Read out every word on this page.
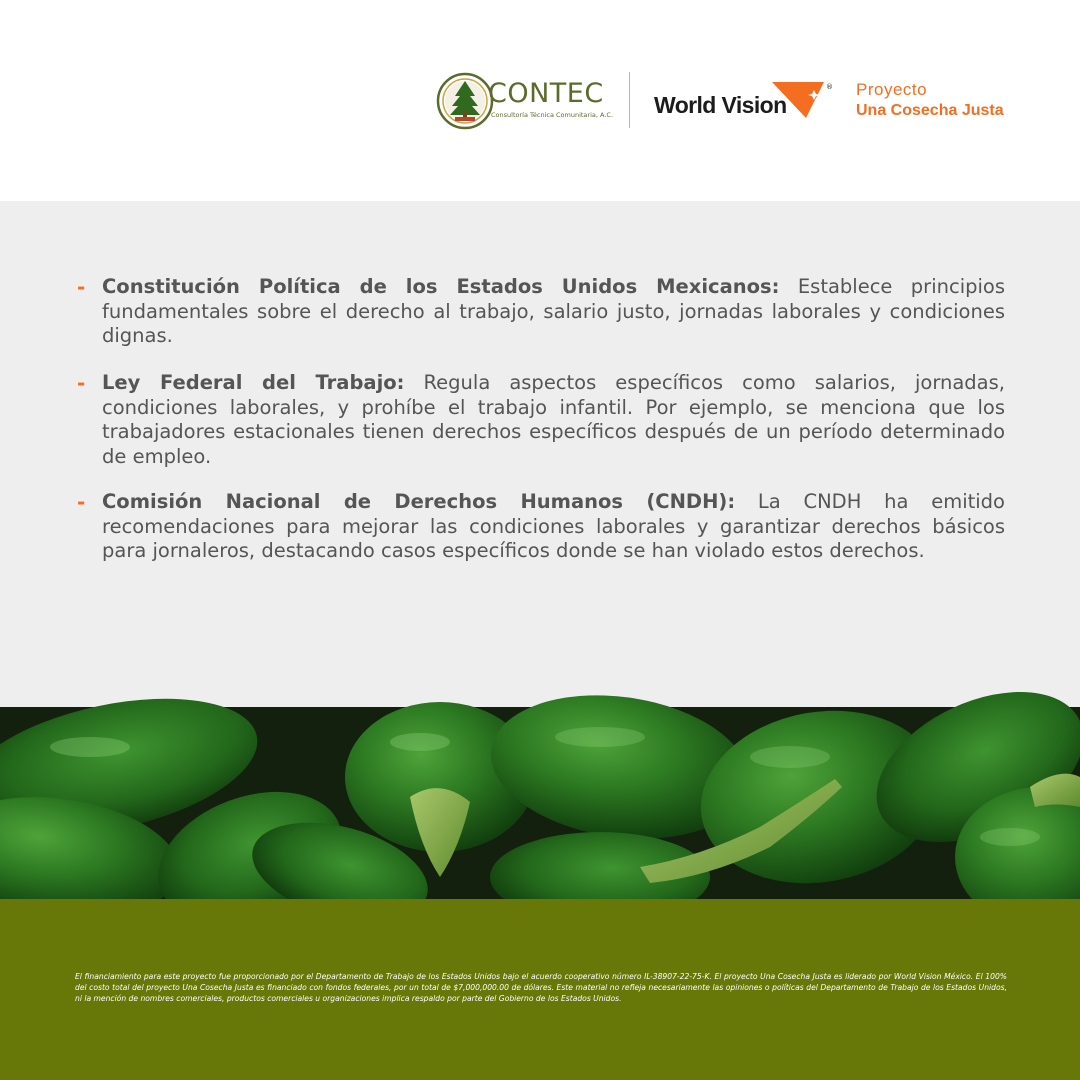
CONTEC
Consultoría Técnica Comunitaria, A.C. World Vision
® Proyecto
Una Cosecha Justa
- Constitución Política de los Estados Unidos Mexicanos: Establece principios fundamentales sobre el derecho al trabajo, salario justo, jornadas laborales y condiciones dignas.
- Ley Federal del Trabajo: Regula aspectos específicos como salarios, jornadas, condiciones laborales, y prohíbe el trabajo infantil. Por ejemplo, se menciona que los trabajadores estacionales tienen derechos específicos después de un período determinado de empleo.
- Comisión Nacional de Derechos Humanos (CNDH): La CNDH ha emitido recomendaciones para mejorar las condiciones laborales y garantizar derechos básicos para jornaleros, destacando casos específicos donde se han violado estos derechos.

El financiamiento para este proyecto fue proporcionado por el Departamento de Trabajo de los Estados Unidos bajo el acuerdo cooperativo número IL-38907-22-75-K. El proyecto Una Cosecha Justa es liderado por World Vision México. El 100% del costo total del proyecto Una Cosecha Justa es financiado con fondos federales, por un total de $7,000,000.00 de dólares. Este material no refleja necesariamente las opiniones o políticas del Departamento de Trabajo de los Estados Unidos, ni la mención de nombres comerciales, productos comerciales u organizaciones implica respaldo por parte del Gobierno de los Estados Unidos.
